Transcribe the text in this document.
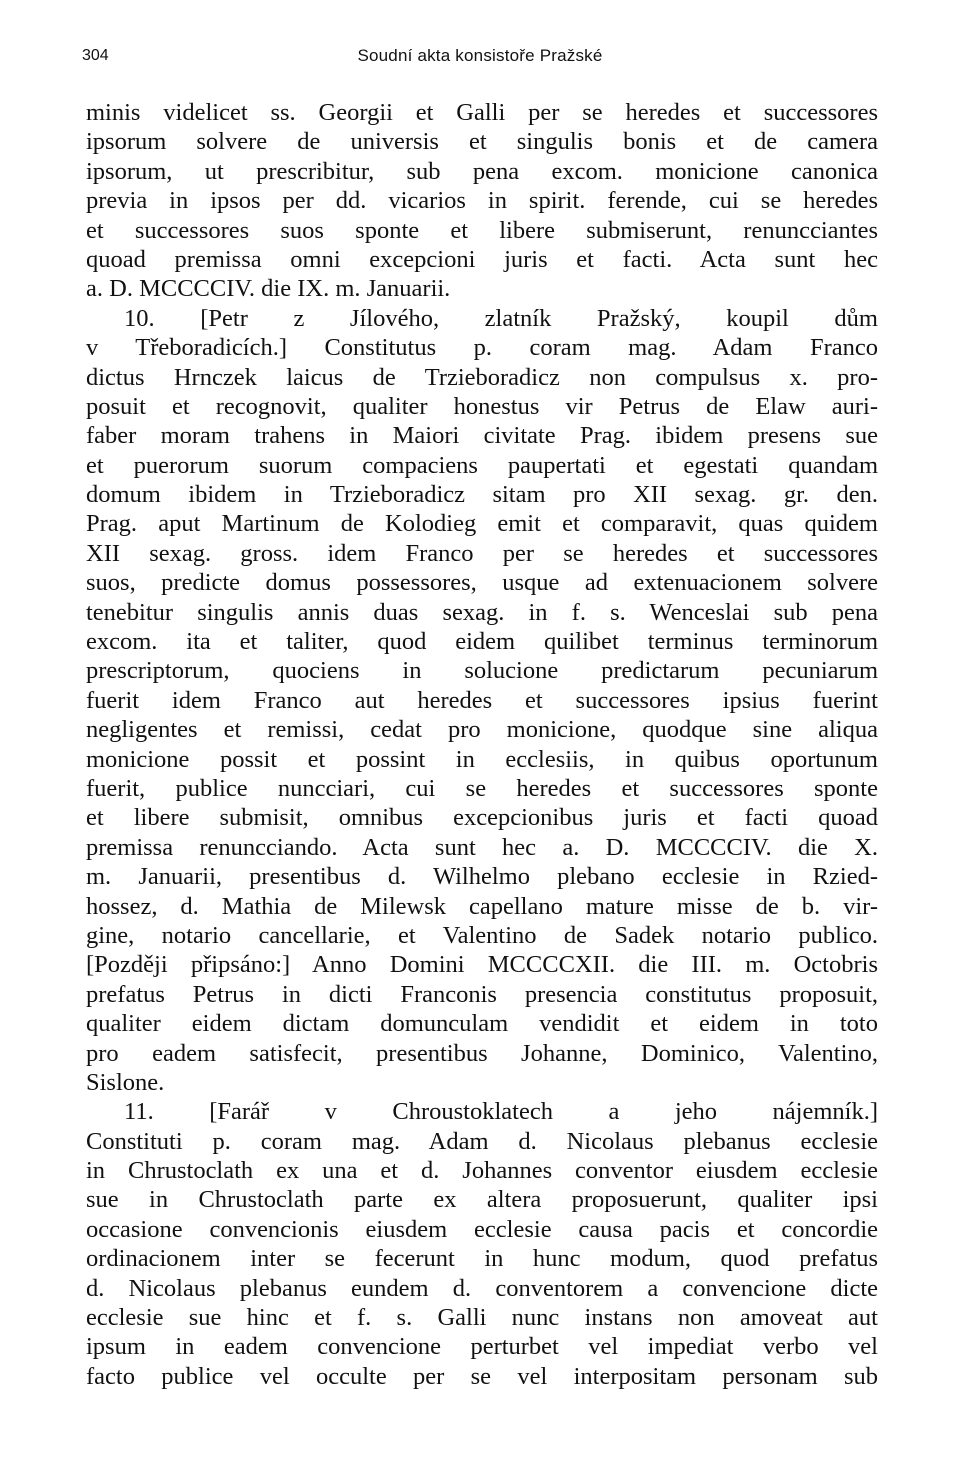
304	Soudní akta konsistoře Pražské
minis videlicet ss. Georgii et Galli per se heredes et successores
ipsorum solvere de universis et singulis bonis et de camera
ipsorum, ut prescribitur, sub pena excom. monicione canonica
previa in ipsos per dd. vicarios in spirit. ferende, cui se heredes
et successores suos sponte et libere submiserunt, renuncciantes
quoad premissa omni excepcioni juris et facti. Acta sunt hec
a. D. MCCCCIV. die IX. m. Januarii.
10. [Petr z Jílového, zlatník Pražský, koupil dům
v Třeboradicích.] Constitutus p. coram mag. Adam Franco
dictus Hrnczek laicus de Trzieboradicz non compulsus x. pro-
posuit et recognovit, qualiter honestus vir Petrus de Elaw auri-
faber moram trahens in Maiori civitate Prag. ibidem presens sue
et puerorum suorum compaciens paupertati et egestati quandam
domum ibidem in Trzieboradicz sitam pro XII sexag. gr. den.
Prag. aput Martinum de Kolodieg emit et comparavit, quas quidem
XII sexag. gross. idem Franco per se heredes et successores
suos, predicte domus possessores, usque ad extenuacionem solvere
tenebitur singulis annis duas sexag. in f. s. Wenceslai sub pena
excom. ita et taliter, quod eidem quilibet terminus terminorum
prescriptorum, quociens in solucione predictarum pecuniarum
fuerit idem Franco aut heredes et successores ipsius fuerint
negligentes et remissi, cedat pro monicione, quodque sine aliqua
monicione possit et possint in ecclesiis, in quibus oportunum
fuerit, publice nuncciari, cui se heredes et successores sponte
et libere submisit, omnibus excepcionibus juris et facti quoad
premissa renuncciando. Acta sunt hec a. D. MCCCCIV. die X.
m. Januarii, presentibus d. Wilhelmo plebano ecclesie in Rzied-
hossez, d. Mathia de Milewsk capellano mature misse de b. vir-
gine, notario cancellarie, et Valentino de Sadek notario publico.
[Později připsáno:] Anno Domini MCCCCXII. die III. m. Octobris
prefatus Petrus in dicti Franconis presencia constitutus proposuit,
qualiter eidem dictam domunculam vendidit et eidem in toto
pro eadem satisfecit, presentibus Johanne, Dominico, Valentino,
Sislone.
11. [Farář v Chroustoklatech a jeho nájemník.]
Constituti p. coram mag. Adam d. Nicolaus plebanus ecclesie
in Chrustoclath ex una et d. Johannes conventor eiusdem ecclesie
sue in Chrustoclath parte ex altera proposuerunt, qualiter ipsi
occasione convencionis eiusdem ecclesie causa pacis et concordie
ordinacionem inter se fecerunt in hunc modum, quod prefatus
d. Nicolaus plebanus eundem d. conventorem a convencione dicte
ecclesie sue hinc et f. s. Galli nunc instans non amoveat aut
ipsum in eadem convencione perturbet vel impediat verbo vel
facto publice vel occulte per se vel interpositam personam sub
